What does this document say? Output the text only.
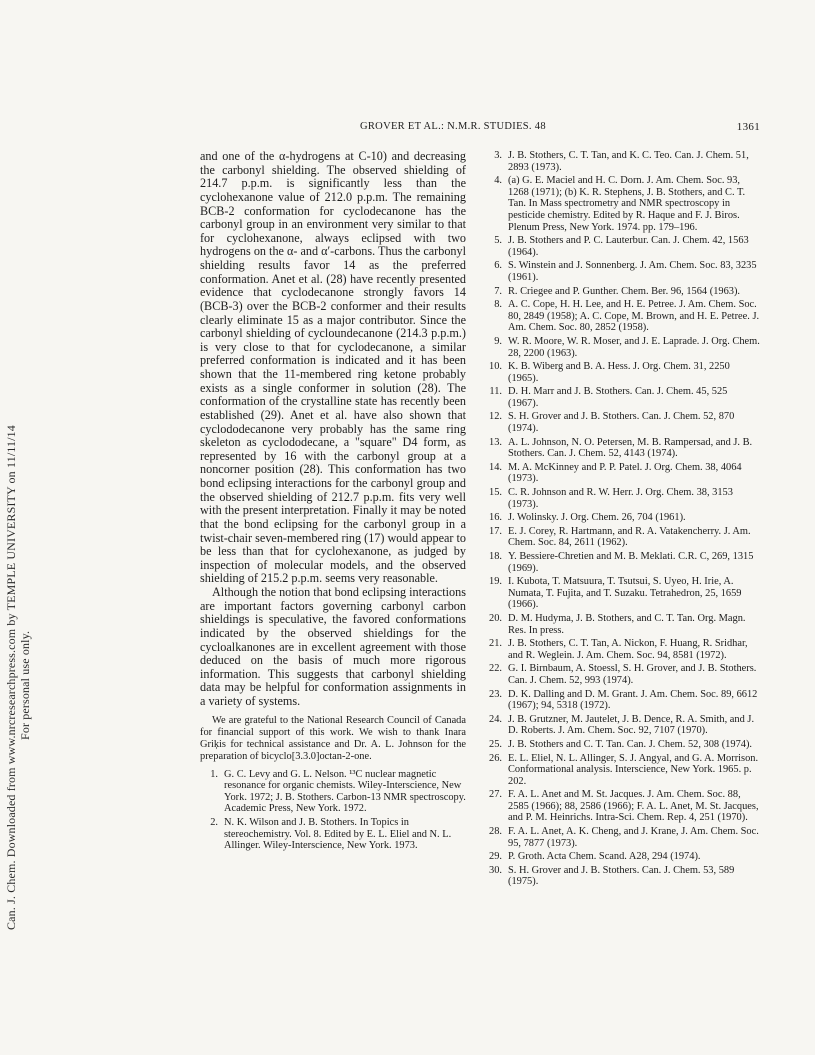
GROVER ET AL.: N.M.R. STUDIES. 48	1361
Can. J. Chem. Downloaded from www.nrcresearchpress.com by TEMPLE UNIVERSITY on 11/11/14 For personal use only.

and one of the α-hydrogens at C-10) and decreasing the carbonyl shielding. The observed shielding of 214.7 p.p.m. is significantly less than the cyclohexanone value of 212.0 p.p.m. The remaining BCB-2 conformation for cyclodecanone has the carbonyl group in an environment very similar to that for cyclohexanone, always eclipsed with two hydrogens on the α- and α′-carbons. Thus the carbonyl shielding results favor 14 as the preferred conformation. Anet et al. (28) have recently presented evidence that cyclodecanone strongly favors 14 (BCB-3) over the BCB-2 conformer and their results clearly eliminate 15 as a major contributor. Since the carbonyl shielding of cycloundecanone (214.3 p.p.m.) is very close to that for cyclodecanone, a similar preferred conformation is indicated and it has been shown that the 11-membered ring ketone probably exists as a single conformer in solution (28). The conformation of the crystalline state has recently been established (29). Anet et al. have also shown that cyclododecanone very probably has the same ring skeleton as cyclododecane, a "square" D4 form, as represented by 16 with the carbonyl group at a noncorner position (28). This conformation has two bond eclipsing interactions for the carbonyl group and the observed shielding of 212.7 p.p.m. fits very well with the present interpretation. Finally it may be noted that the bond eclipsing for the carbonyl group in a twist-chair seven-membered ring (17) would appear to be less than that for cyclohexanone, as judged by inspection of molecular models, and the observed shielding of 215.2 p.p.m. seems very reasonable.

Although the notion that bond eclipsing interactions are important factors governing carbonyl carbon shieldings is speculative, the favored conformations indicated by the observed shieldings for the cycloalkanones are in excellent agreement with those deduced on the basis of much more rigorous information. This suggests that carbonyl shielding data may be helpful for conformation assignments in a variety of systems.

We are grateful to the National Research Council of Canada for financial support of this work. We wish to thank Inara Griķis for technical assistance and Dr. A. L. Johnson for the preparation of bicyclo[3.3.0]octan-2-one.

1. G. C. Levy and G. L. Nelson. ¹³C nuclear magnetic resonance for organic chemists. Wiley-Interscience, New York. 1972; J. B. Stothers. Carbon-13 NMR spectroscopy. Academic Press, New York. 1972.
2. N. K. Wilson and J. B. Stothers. In Topics in stereochemistry. Vol. 8. Edited by E. L. Eliel and N. L. Allinger. Wiley-Interscience, New York. 1973.
3. J. B. Stothers, C. T. Tan, and K. C. Teo. Can. J. Chem. 51, 2893 (1973).
4. (a) G. E. Maciel and H. C. Dorn. J. Am. Chem. Soc. 93, 1268 (1971); (b) K. R. Stephens, J. B. Stothers, and C. T. Tan. In Mass spectrometry and NMR spectroscopy in pesticide chemistry. Edited by R. Haque and F. J. Biros. Plenum Press, New York. 1974. pp. 179–196.
5. J. B. Stothers and P. C. Lauterbur. Can. J. Chem. 42, 1563 (1964).
6. S. Winstein and J. Sonnenberg. J. Am. Chem. Soc. 83, 3235 (1961).
7. R. Criegee and P. Gunther. Chem. Ber. 96, 1564 (1963).
8. A. C. Cope, H. H. Lee, and H. E. Petree. J. Am. Chem. Soc. 80, 2849 (1958); A. C. Cope, M. Brown, and H. E. Petree. J. Am. Chem. Soc. 80, 2852 (1958).
9. W. R. Moore, W. R. Moser, and J. E. Laprade. J. Org. Chem. 28, 2200 (1963).
10. K. B. Wiberg and B. A. Hess. J. Org. Chem. 31, 2250 (1965).
11. D. H. Marr and J. B. Stothers. Can. J. Chem. 45, 525 (1967).
12. S. H. Grover and J. B. Stothers. Can. J. Chem. 52, 870 (1974).
13. A. L. Johnson, N. O. Petersen, M. B. Rampersad, and J. B. Stothers. Can. J. Chem. 52, 4143 (1974).
14. M. A. McKinney and P. P. Patel. J. Org. Chem. 38, 4064 (1973).
15. C. R. Johnson and R. W. Herr. J. Org. Chem. 38, 3153 (1973).
16. J. Wolinsky. J. Org. Chem. 26, 704 (1961).
17. E. J. Corey, R. Hartmann, and R. A. Vatakencherry. J. Am. Chem. Soc. 84, 2611 (1962).
18. Y. Bessiere-Chretien and M. B. Meklati. C.R. C, 269, 1315 (1969).
19. I. Kubota, T. Matsuura, T. Tsutsui, S. Uyeo, H. Irie, A. Numata, T. Fujita, and T. Suzaku. Tetrahedron, 25, 1659 (1966).
20. D. M. Hudyma, J. B. Stothers, and C. T. Tan. Org. Magn. Res. In press.
21. J. B. Stothers, C. T. Tan, A. Nickon, F. Huang, R. Sridhar, and R. Weglein. J. Am. Chem. Soc. 94, 8581 (1972).
22. G. I. Birnbaum, A. Stoessl, S. H. Grover, and J. B. Stothers. Can. J. Chem. 52, 993 (1974).
23. D. K. Dalling and D. M. Grant. J. Am. Chem. Soc. 89, 6612 (1967); 94, 5318 (1972).
24. J. B. Grutzner, M. Jautelet, J. B. Dence, R. A. Smith, and J. D. Roberts. J. Am. Chem. Soc. 92, 7107 (1970).
25. J. B. Stothers and C. T. Tan. Can. J. Chem. 52, 308 (1974).
26. E. L. Eliel, N. L. Allinger, S. J. Angyal, and G. A. Morrison. Conformational analysis. Interscience, New York. 1965. p. 202.
27. F. A. L. Anet and M. St. Jacques. J. Am. Chem. Soc. 88, 2585 (1966); 88, 2586 (1966); F. A. L. Anet, M. St. Jacques, and P. M. Heinrichs. Intra-Sci. Chem. Rep. 4, 251 (1970).
28. F. A. L. Anet, A. K. Cheng, and J. Krane, J. Am. Chem. Soc. 95, 7877 (1973).
29. P. Groth. Acta Chem. Scand. A28, 294 (1974).
30. S. H. Grover and J. B. Stothers. Can. J. Chem. 53, 589 (1975).
